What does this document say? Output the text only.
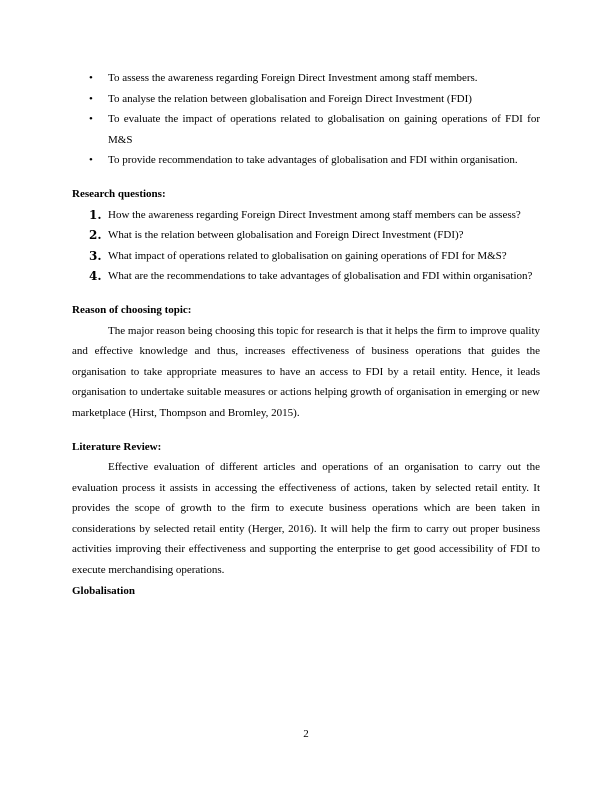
• To assess the awareness regarding Foreign Direct Investment among staff members.
• To analyse the relation between globalisation and Foreign Direct Investment (FDI)
• To evaluate the impact of operations related to globalisation on gaining operations of FDI for M&S
• To provide recommendation to take advantages of globalisation and FDI within organisation.
Research questions:
1. How the awareness regarding Foreign Direct Investment among staff members can be assess?
2. What is the relation between globalisation and Foreign Direct Investment (FDI)?
3. What impact of operations related to globalisation on gaining operations of FDI for M&S?
4. What are the recommendations to take advantages of globalisation and FDI within organisation?
Reason of choosing topic:

The major reason being choosing this topic for research is that it helps the firm to improve quality and effective knowledge and thus, increases effectiveness of business operations that guides the organisation to take appropriate measures to have an access to FDI by a retail entity. Hence, it leads organisation to undertake suitable measures or actions helping growth of organisation in emerging or new marketplace (Hirst, Thompson and Bromley, 2015).

Literature Review:

Effective evaluation of different articles and operations of an organisation to carry out the evaluation process it assists in accessing the effectiveness of actions, taken by selected retail entity. It provides the scope of growth to the firm to execute business operations which are been taken in considerations by selected retail entity (Herger, 2016). It will help the firm to carry out proper business activities improving their effectiveness and supporting the enterprise to get good accessibility of FDI to execute merchandising operations.

Globalisation
2
